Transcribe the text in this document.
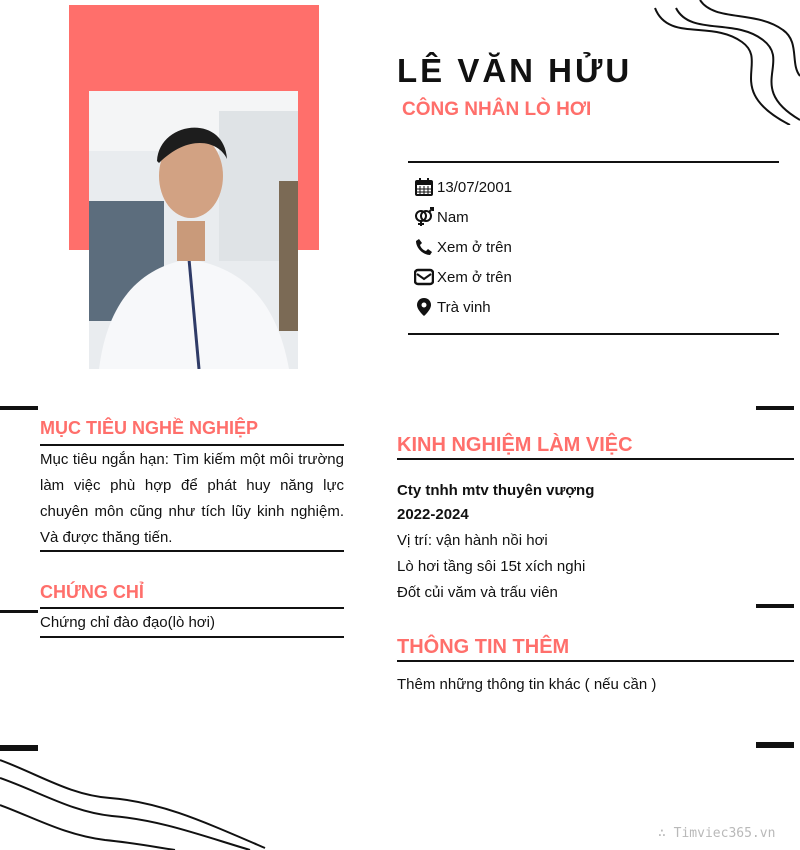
LÊ VĂN HỬU
CÔNG NHÂN LÒ HƠI
13/07/2001
Nam
Xem ở trên
Xem ở trên
Trà vinh
MỤC TIÊU NGHỀ NGHIỆP
Mục tiêu ngắn hạn: Tìm kiếm một môi trường làm việc phù hợp để phát huy năng lực chuyên môn cũng như tích lũy kinh nghiệm. Và được thăng tiến.
CHỨNG CHỈ
Chứng chỉ đào đạo(lò hơi)
KINH NGHIỆM LÀM VIỆC
Cty tnhh mtv thuyên vượng
2022-2024
Vị trí: vận hành nồi hơi
Lò hơi tầng sôi 15t xích nghi
Đốt củi văm và trấu viên
THÔNG TIN THÊM
Thêm những thông tin khác ( nếu cần )
∴ Timviec365.vn
